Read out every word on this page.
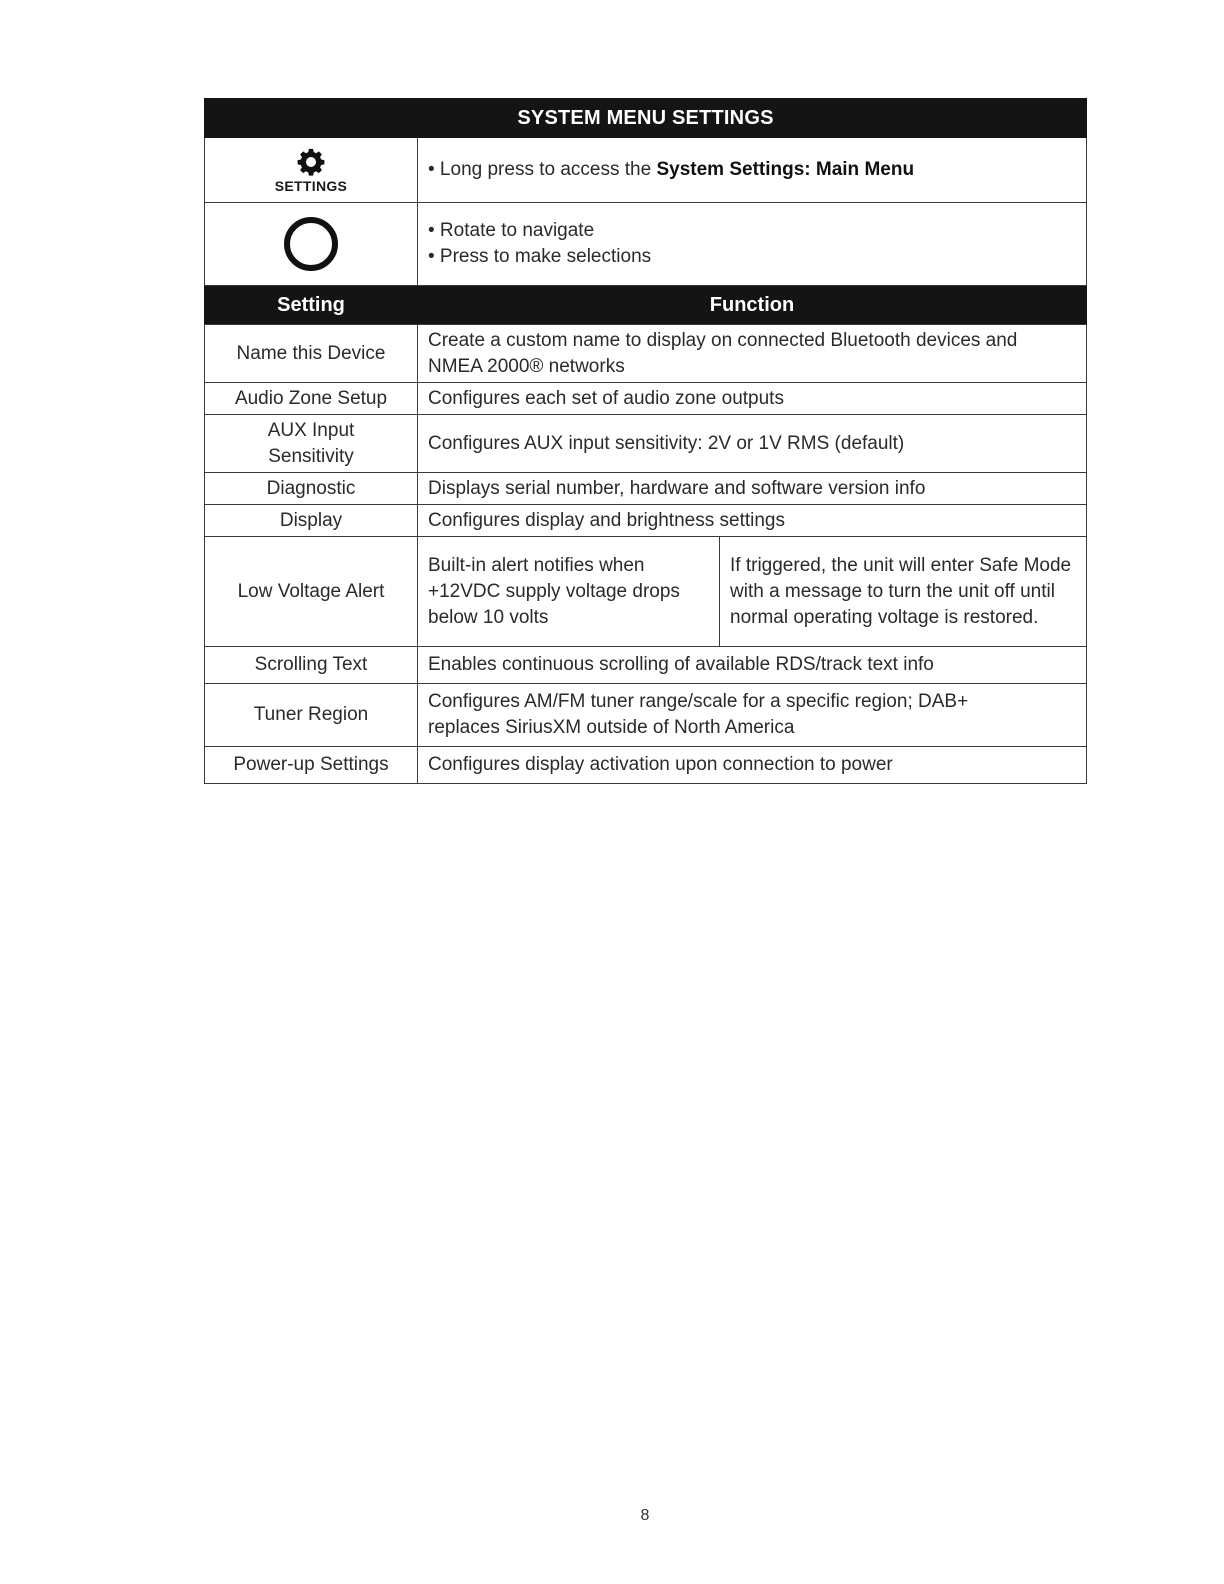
SYSTEM MENU SETTINGS		

SETTINGS	• Long press to access the System Settings: Main Menu	

	• Rotate to navigate
• Press to make selections	

Setting	Function	
Name this Device	Create a custom name to display on connected Bluetooth devices and NMEA 2000® networks	
Audio Zone Setup	Configures each set of audio zone outputs	
AUX Input Sensitivity	Configures AUX input sensitivity: 2V or 1V RMS (default)	
Diagnostic	Displays serial number, hardware and software version info	
Display	Configures display and brightness settings	
Low Voltage Alert	Built-in alert notifies when +12VDC supply voltage drops below 10 volts	If triggered, the unit will enter Safe Mode with a message to turn the unit off until normal operating voltage is restored.
Scrolling Text	Enables continuous scrolling of available RDS/track text info	
Tuner Region	Configures AM/FM tuner range/scale for a specific region; DAB+ replaces SiriusXM outside of North America	
Power-up Settings	Configures display activation upon connection to power	
8
